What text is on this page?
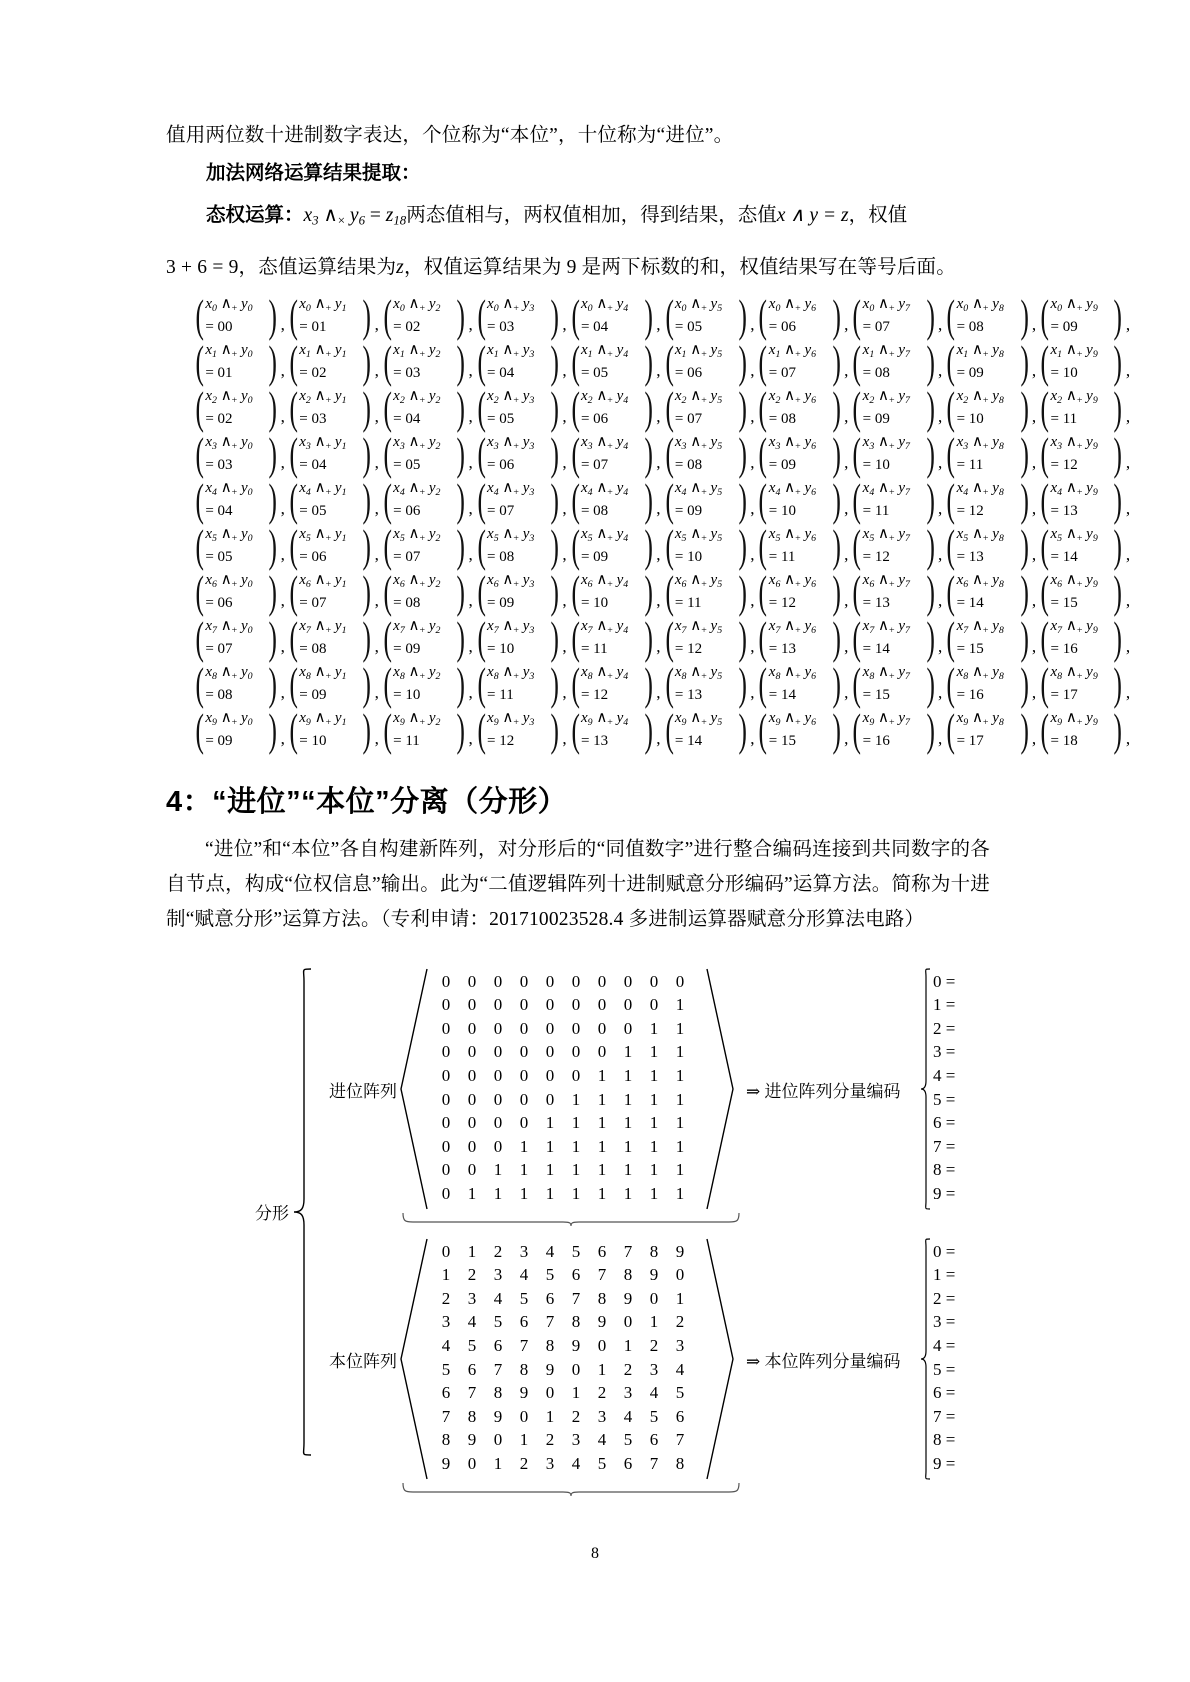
值用两位数十进制数字表达，个位称为“本位”，十位称为“进位”。

加法网络运算结果提取：
态权运算：$x_3$ $\wedge_\times$ $y_6 = z_{18}$两态值相与，两权值相加，得到结果，态值x ∧ y = z，权值

3 + 6 = 9，态值运算结果为z，权值运算结果为 9 是两下标数的和，权值结果写在等号后面。

( $x_0$ $\wedge_+$ $y_0$
= 00 ) , ( $x_0$ $\wedge_+$ $y_1$
= 01 ) , ( $x_0$ $\wedge_+$ $y_2$
= 02 ) , ( $x_0$ $\wedge_+$ $y_3$
= 03 ) , ( $x_0$ $\wedge_+$ $y_4$
= 04 ) , ( $x_0$ $\wedge_+$ $y_5$
= 05 ) , ( $x_0$ $\wedge_+$ $y_6$
= 06 ) , ( $x_0$ $\wedge_+$ $y_7$
= 07 ) , ( $x_0$ $\wedge_+$ $y_8$
= 08 ) , ( $x_0$ $\wedge_+$ $y_9$
= 09 ) ,
( $x_1$ $\wedge_+$ $y_0$
= 01 ) , ( $x_1$ $\wedge_+$ $y_1$
= 02 ) , ( $x_1$ $\wedge_+$ $y_2$
= 03 ) , ( $x_1$ $\wedge_+$ $y_3$
= 04 ) , ( $x_1$ $\wedge_+$ $y_4$
= 05 ) , ( $x_1$ $\wedge_+$ $y_5$
= 06 ) , ( $x_1$ $\wedge_+$ $y_6$
= 07 ) , ( $x_1$ $\wedge_+$ $y_7$
= 08 ) , ( $x_1$ $\wedge_+$ $y_8$
= 09 ) , ( $x_1$ $\wedge_+$ $y_9$
= 10 ) ,
( $x_2$ $\wedge_+$ $y_0$
= 02 ) , ( $x_2$ $\wedge_+$ $y_1$
= 03 ) , ( $x_2$ $\wedge_+$ $y_2$
= 04 ) , ( $x_2$ $\wedge_+$ $y_3$
= 05 ) , ( $x_2$ $\wedge_+$ $y_4$
= 06 ) , ( $x_2$ $\wedge_+$ $y_5$
= 07 ) , ( $x_2$ $\wedge_+$ $y_6$
= 08 ) , ( $x_2$ $\wedge_+$ $y_7$
= 09 ) , ( $x_2$ $\wedge_+$ $y_8$
= 10 ) , ( $x_2$ $\wedge_+$ $y_9$
= 11 ) ,
( $x_3$ $\wedge_+$ $y_0$
= 03 ) , ( $x_3$ $\wedge_+$ $y_1$
= 04 ) , ( $x_3$ $\wedge_+$ $y_2$
= 05 ) , ( $x_3$ $\wedge_+$ $y_3$
= 06 ) , ( $x_3$ $\wedge_+$ $y_4$
= 07 ) , ( $x_3$ $\wedge_+$ $y_5$
= 08 ) , ( $x_3$ $\wedge_+$ $y_6$
= 09 ) , ( $x_3$ $\wedge_+$ $y_7$
= 10 ) , ( $x_3$ $\wedge_+$ $y_8$
= 11 ) , ( $x_3$ $\wedge_+$ $y_9$
= 12 ) ,
( $x_4$ $\wedge_+$ $y_0$
= 04 ) , ( $x_4$ $\wedge_+$ $y_1$
= 05 ) , ( $x_4$ $\wedge_+$ $y_2$
= 06 ) , ( $x_4$ $\wedge_+$ $y_3$
= 07 ) , ( $x_4$ $\wedge_+$ $y_4$
= 08 ) , ( $x_4$ $\wedge_+$ $y_5$
= 09 ) , ( $x_4$ $\wedge_+$ $y_6$
= 10 ) , ( $x_4$ $\wedge_+$ $y_7$
= 11 ) , ( $x_4$ $\wedge_+$ $y_8$
= 12 ) , ( $x_4$ $\wedge_+$ $y_9$
= 13 ) ,
( $x_5$ $\wedge_+$ $y_0$
= 05 ) , ( $x_5$ $\wedge_+$ $y_1$
= 06 ) , ( $x_5$ $\wedge_+$ $y_2$
= 07 ) , ( $x_5$ $\wedge_+$ $y_3$
= 08 ) , ( $x_5$ $\wedge_+$ $y_4$
= 09 ) , ( $x_5$ $\wedge_+$ $y_5$
= 10 ) , ( $x_5$ $\wedge_+$ $y_6$
= 11 ) , ( $x_5$ $\wedge_+$ $y_7$
= 12 ) , ( $x_5$ $\wedge_+$ $y_8$
= 13 ) , ( $x_5$ $\wedge_+$ $y_9$
= 14 ) ,
( $x_6$ $\wedge_+$ $y_0$
= 06 ) , ( $x_6$ $\wedge_+$ $y_1$
= 07 ) , ( $x_6$ $\wedge_+$ $y_2$
= 08 ) , ( $x_6$ $\wedge_+$ $y_3$
= 09 ) , ( $x_6$ $\wedge_+$ $y_4$
= 10 ) , ( $x_6$ $\wedge_+$ $y_5$
= 11 ) , ( $x_6$ $\wedge_+$ $y_6$
= 12 ) , ( $x_6$ $\wedge_+$ $y_7$
= 13 ) , ( $x_6$ $\wedge_+$ $y_8$
= 14 ) , ( $x_6$ $\wedge_+$ $y_9$
= 15 ) ,
( $x_7$ $\wedge_+$ $y_0$
= 07 ) , ( $x_7$ $\wedge_+$ $y_1$
= 08 ) , ( $x_7$ $\wedge_+$ $y_2$
= 09 ) , ( $x_7$ $\wedge_+$ $y_3$
= 10 ) , ( $x_7$ $\wedge_+$ $y_4$
= 11 ) , ( $x_7$ $\wedge_+$ $y_5$
= 12 ) , ( $x_7$ $\wedge_+$ $y_6$
= 13 ) , ( $x_7$ $\wedge_+$ $y_7$
= 14 ) , ( $x_7$ $\wedge_+$ $y_8$
= 15 ) , ( $x_7$ $\wedge_+$ $y_9$
= 16 ) ,
( $x_8$ $\wedge_+$ $y_0$
= 08 ) , ( $x_8$ $\wedge_+$ $y_1$
= 09 ) , ( $x_8$ $\wedge_+$ $y_2$
= 10 ) , ( $x_8$ $\wedge_+$ $y_3$
= 11 ) , ( $x_8$ $\wedge_+$ $y_4$
= 12 ) , ( $x_8$ $\wedge_+$ $y_5$
= 13 ) , ( $x_8$ $\wedge_+$ $y_6$
= 14 ) , ( $x_8$ $\wedge_+$ $y_7$
= 15 ) , ( $x_8$ $\wedge_+$ $y_8$
= 16 ) , ( $x_8$ $\wedge_+$ $y_9$
= 17 ) ,
( $x_9$ $\wedge_+$ $y_0$
= 09 ) , ( $x_9$ $\wedge_+$ $y_1$
= 10 ) , ( $x_9$ $\wedge_+$ $y_2$
= 11 ) , ( $x_9$ $\wedge_+$ $y_3$
= 12 ) , ( $x_9$ $\wedge_+$ $y_4$
= 13 ) , ( $x_9$ $\wedge_+$ $y_5$
= 14 ) , ( $x_9$ $\wedge_+$ $y_6$
= 15 ) , ( $x_9$ $\wedge_+$ $y_7$
= 16 ) , ( $x_9$ $\wedge_+$ $y_8$
= 17 ) , ( $x_9$ $\wedge_+$ $y_9$
= 18 ) ,
4：“进位”“本位”分离（分形）

“进位”和“本位”各自构建新阵列，对分形后的“同值数字”进行整合编码连接到共同数字的各自节点，构成“位权信息”输出。此为“二值逻辑阵列十进制赋意分形编码”运算方法。简称为十进制“赋意分形”运算方法。（专利申请：201710023528.4 多进制运算器赋意分形算法电路）

分形
进位阵列
0 0 0 0 0 0 0 0 0 0
0 0 0 0 0 0 0 0 0 1
0 0 0 0 0 0 0 0 1 1
0 0 0 0 0 0 0 1 1 1
0 0 0 0 0 0 1 1 1 1
0 0 0 0 0 1 1 1 1 1
0 0 0 0 1 1 1 1 1 1
0 0 0 1 1 1 1 1 1 1
0 0 1 1 1 1 1 1 1 1
0 1 1 1 1 1 1 1 1 1
⇒ 进位阵列分量编码
0 =
1 =
2 =
3 =
4 =
5 =
6 =
7 =
8 =
9 =
本位阵列
0 1 2 3 4 5 6 7 8 9
1 2 3 4 5 6 7 8 9 0
2 3 4 5 6 7 8 9 0 1
3 4 5 6 7 8 9 0 1 2
4 5 6 7 8 9 0 1 2 3
5 6 7 8 9 0 1 2 3 4
6 7 8 9 0 1 2 3 4 5
7 8 9 0 1 2 3 4 5 6
8 9 0 1 2 3 4 5 6 7
9 0 1 2 3 4 5 6 7 8
⇒ 本位阵列分量编码
0 =
1 =
2 =
3 =
4 =
5 =
6 =
7 =
8 =
9 =
8
